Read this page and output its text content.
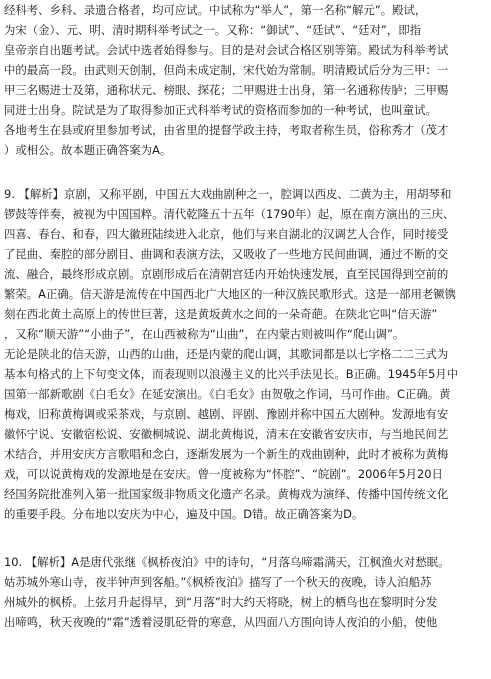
经科考、乡科、录遗合格者，均可应试。中试称为“举人”，第一名称“解元”。殿试，
为宋（金）、元、明、清时期科举考试之一。又称：“御试”、“廷试”、“廷对”，即指
皇帝亲自出题考试。会试中选者始得参与。目的是对会试合格区别等第。殿试为科举考试
中的最高一段。由武则天创制，但尚未成定制，宋代始为常制。明清殿试后分为三甲：一
甲三名赐进士及第，通称状元、榜眼、探花；二甲赐进士出身，第一名通称传胪；三甲赐
同进士出身。院试是为了取得参加正式科举考试的资格而参加的一种考试，也叫童试。
各地考生在县或府里参加考试，由省里的提督学政主持，考取者称生员，俗称秀才（茂才
）或相公。故本题正确答案为A。
9. 【解析】京剧，又称平剧，中国五大戏曲剧种之一，腔调以西皮、二黄为主，用胡琴和
锣鼓等伴奏，被视为中国国粹。清代乾隆五十五年（1790年）起，原在南方演出的三庆、
四喜、春台、和春，四大徽班陆续进入北京，他们与来自湖北的汉调艺人合作，同时接受
了昆曲、秦腔的部分剧目、曲调和表演方法，又吸收了一些地方民间曲调，通过不断的交
流、融合，最终形成京剧。京剧形成后在清朝宫廷内开始快速发展，直至民国得到空前的
繁荣。A正确。信天游是流传在中国西北广大地区的一种汉族民歌形式。这是一部用老镢镌
刻在西北黄土高原上的传世巨著，这是黄坂黄水之间的一朵奇葩。在陕北它叫“信天游”
，又称“顺天游”“小曲子”，在山西被称为“山曲”，在内蒙古则被叫作“爬山调”。
无论是陕北的信天游，山西的山曲，还是内蒙的爬山调，其歌词都是以七字格二二三式为
基本句格式的上下句变文体，而表现则以浪漫主义的比兴手法见长。B正确。1945年5月中
国第一部新歌剧《白毛女》在延安演出。《白毛女》由贺敬之作词，马可作曲。C正确。黄
梅戏，旧称黄梅调或采茶戏，与京剧、越剧、评剧、豫剧并称中国五大剧种。发源地有安
徽怀宁说、安徽宿松说、安徽桐城说、湖北黄梅说，清末在安徽省安庆市，与当地民间艺
术结合，并用安庆方言歌唱和念白，逐渐发展为一个新生的戏曲剧种，此时才被称为黄梅
戏，可以说黄梅戏的发源地是在安庆。曾一度被称为“怀腔”、“皖剧”。2006年5月20日
经国务院批准列入第一批国家级非物质文化遗产名录。黄梅戏为演绎、传播中国传统文化
的重要手段。分布地以安庆为中心，遍及中国。D错。故正确答案为D。
10. 【解析】A是唐代张继《枫桥夜泊》中的诗句，“月落乌啼霜满天，江枫渔火对愁眠。
姑苏城外寒山寺，夜半钟声到客船。”《枫桥夜泊》描写了一个秋天的夜晚，诗人泊船苏
州城外的枫桥。上弦月升起得早，到“月落”时大约天将晓，树上的栖鸟也在黎明时分发
出啼鸣，秋天夜晚的“霜”透着浸肌砭骨的寒意，从四面八方围向诗人夜泊的小船，使他
